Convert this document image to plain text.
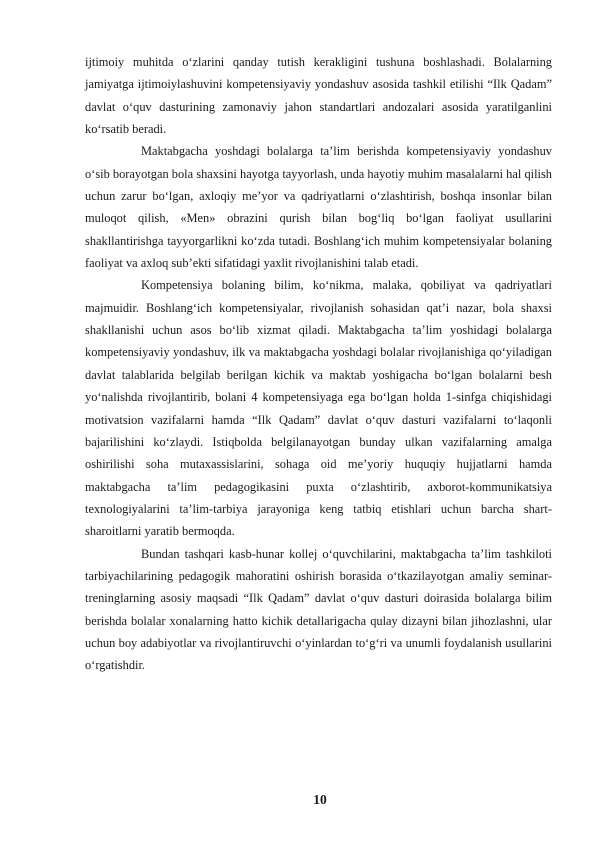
ijtimoiy muhitda o‘zlarini qanday tutish kerakligini tushuna boshlashadi. Bolalarning jamiyatga ijtimoiylashuvini kompetensiyaviy yondashuv asosida tashkil etilishi “Ilk Qadam” davlat o‘quv dasturining zamonaviy jahon standartlari andozalari asosida yaratilganlini ko‘rsatib beradi.

Maktabgacha yoshdagi bolalarga ta’lim berishda kompetensiyaviy yondashuv o‘sib borayotgan bola shaxsini hayotga tayyorlash, unda hayotiy muhim masalalarni hal qilish uchun zarur bo‘lgan, axloqiy me’yor va qadriyatlarni o‘zlashtirish, boshqa insonlar bilan muloqot qilish, «Men» obrazini qurish bilan bog‘liq bo‘lgan faoliyat usullarini shakllantirishga tayyorgarlikni ko‘zda tutadi. Boshlang‘ich muhim kompetensiyalar bolaning faoliyat va axloq sub’ekti sifatidagi yaxlit rivojlanishini talab etadi.

Kompetensiya bolaning bilim, ko‘nikma, malaka, qobiliyat va qadriyatlari majmuidir. Boshlang‘ich kompetensiyalar, rivojlanish sohasidan qat’i nazar, bola shaxsi shakllanishi uchun asos bo‘lib xizmat qiladi. Maktabgacha ta’lim yoshidagi bolalarga kompetensiyaviy yondashuv, ilk va maktabgacha yoshdagi bolalar rivojlanishiga qo‘yiladigan davlat talablarida belgilab berilgan kichik va maktab yoshigacha bo‘lgan bolalarni besh yo‘nalishda rivojlantirib, bolani 4 kompetensiyaga ega bo‘lgan holda 1-sinfga chiqishidagi motivatsion vazifalarni hamda “Ilk Qadam” davlat o‘quv dasturi vazifalarni to‘laqonli bajarilishini ko‘zlaydi. Istiqbolda belgilanayotgan bunday ulkan vazifalarning amalga oshirilishi soha mutaxassislarini, sohaga oid me’yoriy huquqiy hujjatlarni hamda maktabgacha ta’lim pedagogikasini puxta o‘zlashtirib, axborot-kommunikatsiya texnologiyalarini ta’lim-tarbiya jarayoniga keng tatbiq etishlari uchun barcha shart-sharoitlarni yaratib bermoqda.

Bundan tashqari kasb-hunar kollej o‘quvchilarini, maktabgacha ta’lim tashkiloti tarbiyachilarining pedagogik mahoratini oshirish borasida o‘tkazilayotgan amaliy seminar- treninglarning asosiy maqsadi “Ilk Qadam” davlat o‘quv dasturi doirasida bolalarga bilim berishda bolalar xonalarning hatto kichik detallarigacha qulay dizayni bilan jihozlashni, ular uchun boy adabiyotlar va rivojlantiruvchi o‘yinlardan to‘g‘ri va unumli foydalanish usullarini o‘rgatishdir.

10
